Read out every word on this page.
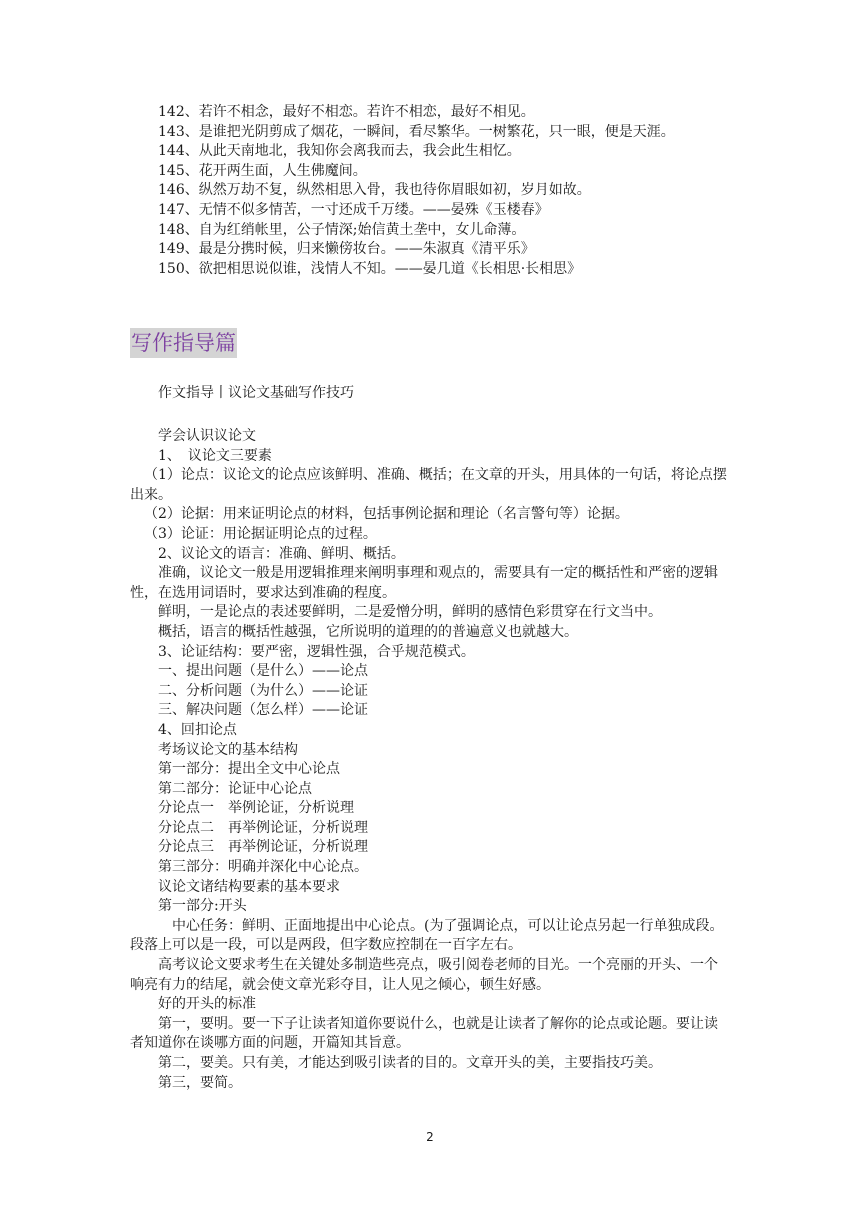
142、若许不相念，最好不相恋。若许不相恋，最好不相见。
143、是谁把光阴剪成了烟花，一瞬间，看尽繁华。一树繁花，只一眼，便是天涯。
144、从此天南地北，我知你会离我而去，我会此生相忆。
145、花开两生面，人生佛魔间。
146、纵然万劫不复，纵然相思入骨，我也待你眉眼如初，岁月如故。
147、无情不似多情苦，一寸还成千万缕。——晏殊《玉楼春》
148、自为红绡帐里，公子情深;始信黄土垄中，女儿命薄。
149、最是分携时候，归来懒傍妆台。——朱淑真《清平乐》
150、欲把相思说似谁，浅情人不知。——晏几道《长相思·长相思》
写作指导篇
作文指导丨议论文基础写作技巧
学会认识议论文
1、　议论文三要素
（1）论点：议论文的论点应该鲜明、准确、概括；在文章的开头，用具体的一句话，将论点摆出来。
（2）论据：用来证明论点的材料，包括事例论据和理论（名言警句等）论据。
（3）论证：用论据证明论点的过程。
2、议论文的语言：准确、鲜明、概括。
准确，议论文一般是用逻辑推理来阐明事理和观点的，需要具有一定的概括性和严密的逻辑性，在选用词语时，要求达到准确的程度。
鲜明，一是论点的表述要鲜明，二是爱憎分明，鲜明的感情色彩贯穿在行文当中。
概括，语言的概括性越强，它所说明的道理的的普遍意义也就越大。
3、论证结构：要严密，逻辑性强，合乎规范模式。
一、提出问题（是什么）——论点
二、分析问题（为什么）——论证
三、解决问题（怎么样）——论证
4、回扣论点
考场议论文的基本结构
第一部分：提出全文中心论点
第二部分：论证中心论点
分论点一　举例论证，分析说理
分论点二　再举例论证，分析说理
分论点三　再举例论证，分析说理
第三部分：明确并深化中心论点。
议论文诸结构要素的基本要求
第一部分:开头
中心任务：鲜明、正面地提出中心论点。(为了强调论点，可以让论点另起一行单独成段。段落上可以是一段，可以是两段，但字数应控制在一百字左右。
高考议论文要求考生在关键处多制造些亮点，吸引阅卷老师的目光。一个亮丽的开头、一个响亮有力的结尾，就会使文章光彩夺目，让人见之倾心，顿生好感。
好的开头的标准
第一，要明。要一下子让读者知道你要说什么，也就是让读者了解你的论点或论题。要让读者知道你在谈哪方面的问题，开篇知其旨意。
第二，要美。只有美，才能达到吸引读者的目的。文章开头的美，主要指技巧美。
第三，要简。
2
